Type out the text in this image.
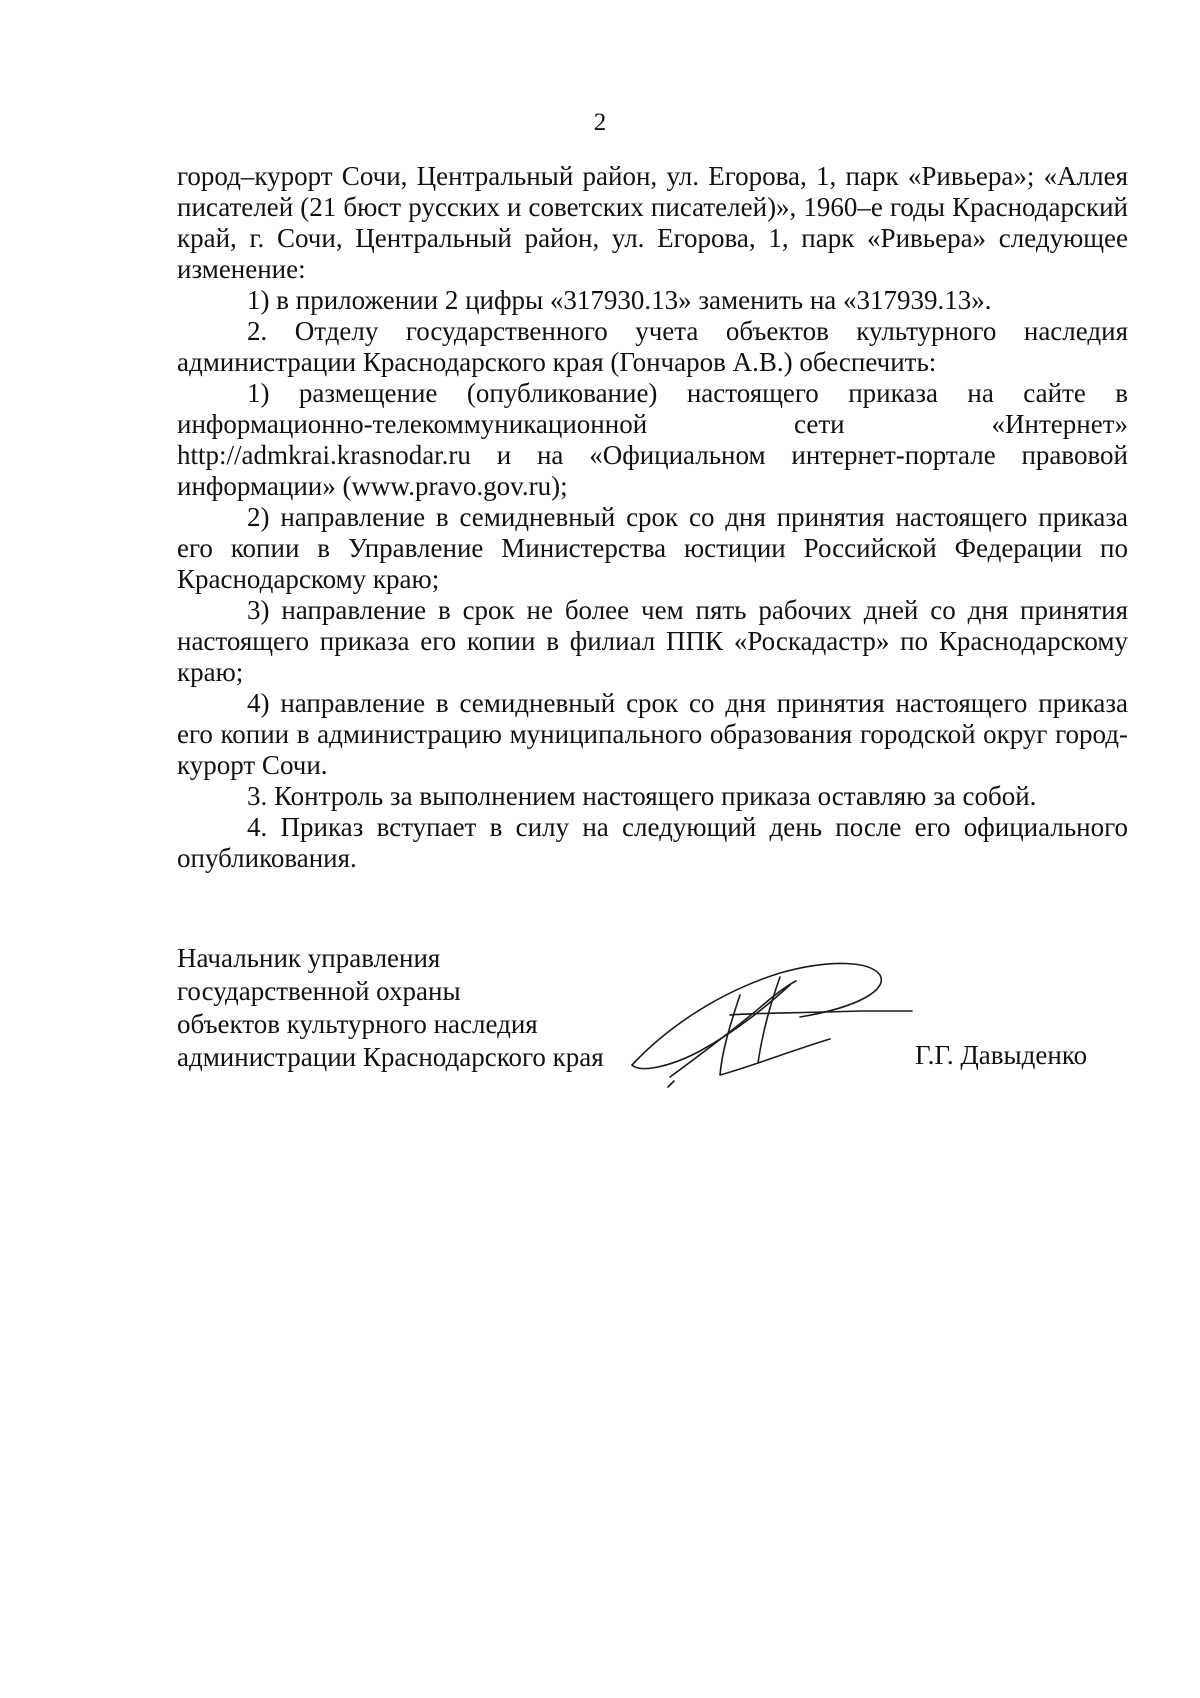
2

город–курорт Сочи, Центральный район, ул. Егорова, 1, парк «Ривьера»; «Аллея писателей (21 бюст русских и советских писателей)», 1960–е годы Краснодарский край, г. Сочи, Центральный район, ул. Егорова, 1, парк «Ривьера» следующее изменение:

1) в приложении 2 цифры «317930.13» заменить на «317939.13».

2. Отделу государственного учета объектов культурного наследия администрации Краснодарского края (Гончаров А.В.) обеспечить:

1) размещение (опубликование) настоящего приказа на сайте в информационно-телекоммуникационной сети «Интернет» http://admkrai.krasnodar.ru и на «Официальном интернет-портале правовой информации» (www.pravo.gov.ru);

2) направление в семидневный срок со дня принятия настоящего приказа его копии в Управление Министерства юстиции Российской Федерации по Краснодарскому краю;

3) направление в срок не более чем пять рабочих дней со дня принятия настоящего приказа его копии в филиал ППК «Роскадастр» по Краснодарскому краю;

4) направление в семидневный срок со дня принятия настоящего приказа его копии в администрацию муниципального образования городской округ город-курорт Сочи.

3. Контроль за выполнением настоящего приказа оставляю за собой.

4. Приказ вступает в силу на следующий день после его официального опубликования.

Начальник управления
государственной охраны
объектов культурного наследия
администрации Краснодарского края	Г.Г. Давыденко
